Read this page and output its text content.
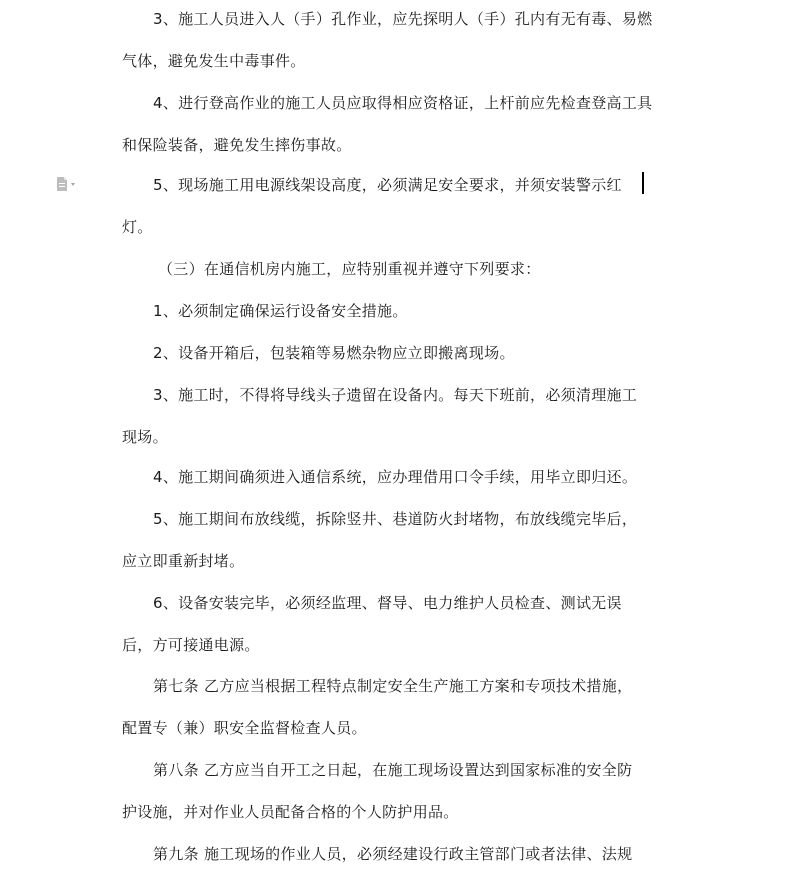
3、施工人员进入人（手）孔作业，应先探明人（手）孔内有无有毒、易燃
气体，避免发生中毒事件。
4、进行登高作业的施工人员应取得相应资格证，上杆前应先检查登高工具
和保险装备，避免发生摔伤事故。
5、现场施工用电源线架设高度，必须满足安全要求，并须安装警示红
灯。
（三）在通信机房内施工，应特别重视并遵守下列要求：
1、必须制定确保运行设备安全措施。
2、设备开箱后，包装箱等易燃杂物应立即搬离现场。
3、施工时，不得将导线头子遗留在设备内。每天下班前，必须清理施工
现场。
4、施工期间确须进入通信系统，应办理借用口令手续，用毕立即归还。
5、施工期间布放线缆，拆除竖井、巷道防火封堵物，布放线缆完毕后，
应立即重新封堵。
6、设备安装完毕，必须经监理、督导、电力维护人员检查、测试无误
后，方可接通电源。
第七条 乙方应当根据工程特点制定安全生产施工方案和专项技术措施，
配置专（兼）职安全监督检查人员。
第八条 乙方应当自开工之日起，在施工现场设置达到国家标准的安全防
护设施，并对作业人员配备合格的个人防护用品。
第九条 施工现场的作业人员，必须经建设行政主管部门或者法律、法规
